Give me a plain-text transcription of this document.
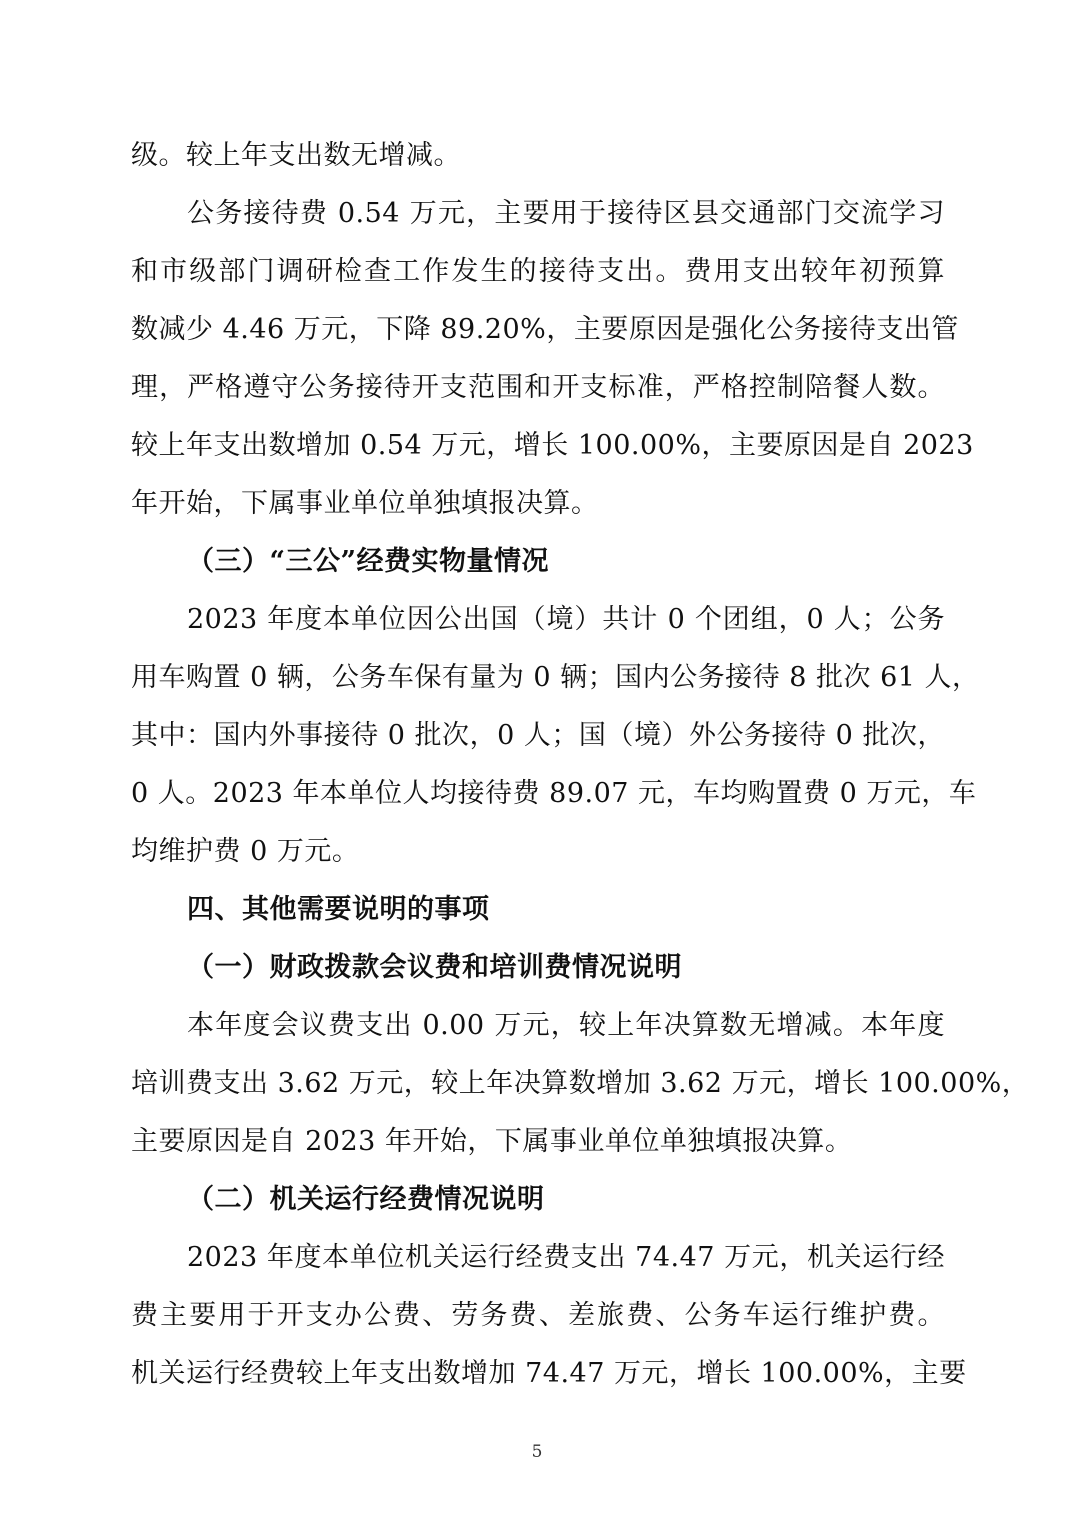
级。较上年支出数无增减。
公务接待费 0.54 万元，主要用于接待区县交通部门交流学习
和市级部门调研检查工作发生的接待支出。费用支出较年初预算
数减少 4.46 万元，下降 89.20%，主要原因是强化公务接待支出管
理，严格遵守公务接待开支范围和开支标准，严格控制陪餐人数。
较上年支出数增加 0.54 万元，增长 100.00%，主要原因是自 2023
年开始，下属事业单位单独填报决算。
（三）“三公”经费实物量情况
2023 年度本单位因公出国（境）共计 0 个团组，0 人；公务
用车购置 0 辆，公务车保有量为 0 辆；国内公务接待 8 批次 61 人，
其中：国内外事接待 0 批次，0 人；国（境）外公务接待 0 批次，
0 人。2023 年本单位人均接待费 89.07 元，车均购置费 0 万元，车
均维护费 0 万元。
四、其他需要说明的事项
（一）财政拨款会议费和培训费情况说明
本年度会议费支出 0.00 万元，较上年决算数无增减。本年度
培训费支出 3.62 万元，较上年决算数增加 3.62 万元，增长 100.00%，
主要原因是自 2023 年开始，下属事业单位单独填报决算。
（二）机关运行经费情况说明
2023 年度本单位机关运行经费支出 74.47 万元，机关运行经
费主要用于开支办公费、劳务费、差旅费、公务车运行维护费。
机关运行经费较上年支出数增加 74.47 万元，增长 100.00%，主要
5
